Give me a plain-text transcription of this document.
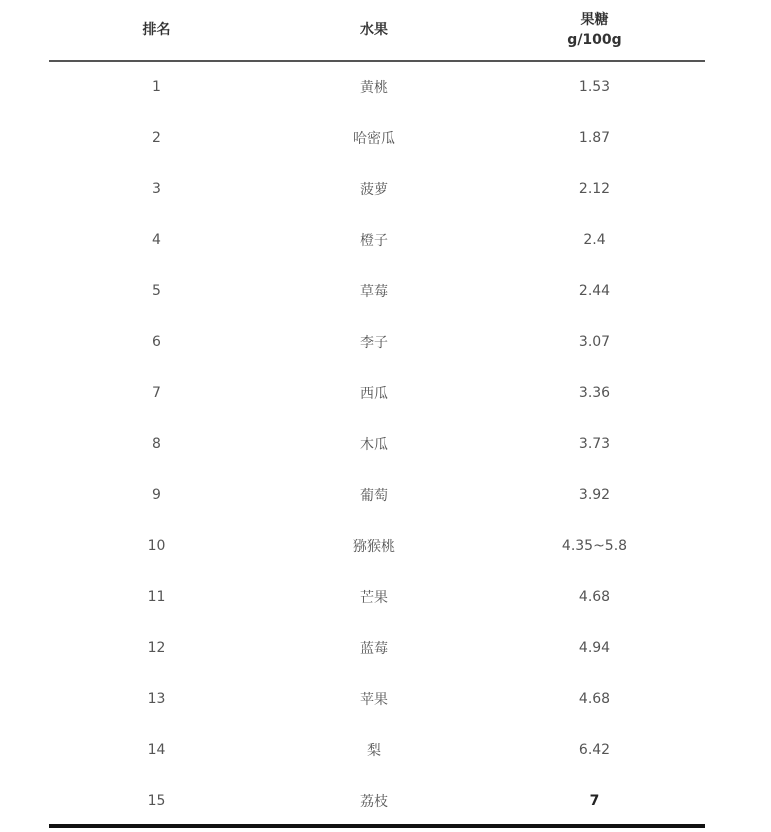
排名	水果	果糖
g/100g

1	黄桃	1.53
2	哈密瓜	1.87
3	菠萝	2.12
4	橙子	2.4
5	草莓	2.44
6	李子	3.07
7	西瓜	3.36
8	木瓜	3.73
9	葡萄	3.92
10	猕猴桃	4.35~5.8
11	芒果	4.68
12	蓝莓	4.94
13	苹果	4.68
14	梨	6.42
15	荔枝	7
